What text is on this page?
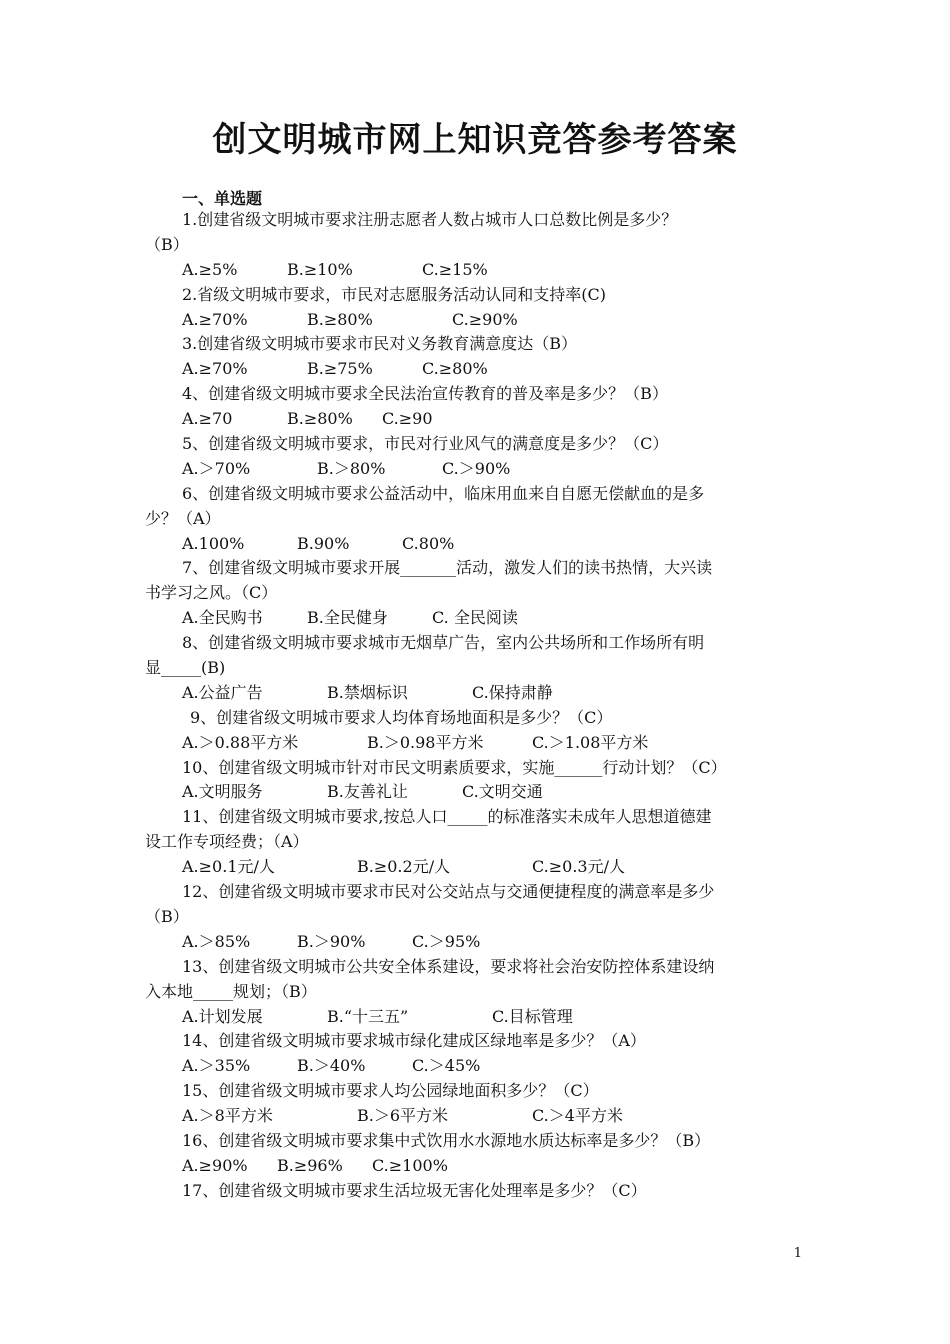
创文明城市网上知识竞答参考答案
一、单选题
1.创建省级文明城市要求注册志愿者人数占城市人口总数比例是多少？
（B）
A.≥5%	B.≥10%	C.≥15%
2.省级文明城市要求，市民对志愿服务活动认同和支持率(C)
A.≥70%	B.≥80%	C.≥90%
3.创建省级文明城市要求市民对义务教育满意度达（B）
A.≥70%	B.≥75%	C.≥80%
4、创建省级文明城市要求全民法治宣传教育的普及率是多少？（B）
A.≥70	B.≥80% C.≥90
5、创建省级文明城市要求，市民对行业风气的满意度是多少？（C）
A.＞70%	B.＞80%	C.＞90%
6、创建省级文明城市要求公益活动中，临床用血来自自愿无偿献血的是多
少？（A）
A.100%	B.90%	C.80%
7、创建省级文明城市要求开展_______活动，激发人们的读书热情，大兴读
书学习之风。（C）
A.全民购书	B.全民健身	C. 全民阅读
8、创建省级文明城市要求城市无烟草广告，室内公共场所和工作场所有明
显_____(B)
A.公益广告	B.禁烟标识	C.保持肃静
9、创建省级文明城市要求人均体育场地面积是多少？（C）
A.＞0.88平方米	B.＞0.98平方米	C.＞1.08平方米
10、创建省级文明城市针对市民文明素质要求，实施______行动计划？（C）
A.文明服务	B.友善礼让	C.文明交通
11、创建省级文明城市要求,按总人口_____的标准落实未成年人思想道德建
设工作专项经费；（A）
A.≥0.1元/人	B.≥0.2元/人	C.≥0.3元/人
12、创建省级文明城市要求市民对公交站点与交通便捷程度的满意率是多少
（B）
A.＞85%	B.＞90%	C.＞95%
13、创建省级文明城市公共安全体系建设，要求将社会治安防控体系建设纳
入本地_____规划；（B）
A.计划发展	B.“十三五”	C.目标管理
14、创建省级文明城市要求城市绿化建成区绿地率是多少？（A）
A.＞35%	B.＞40%	C.＞45%
15、创建省级文明城市要求人均公园绿地面积多少？（C）
A.＞8平方米	B.＞6平方米	C.＞4平方米
16、创建省级文明城市要求集中式饮用水水源地水质达标率是多少？（B）
A.≥90% B.≥96% C.≥100%
17、创建省级文明城市要求生活垃圾无害化处理率是多少？（C）
1
